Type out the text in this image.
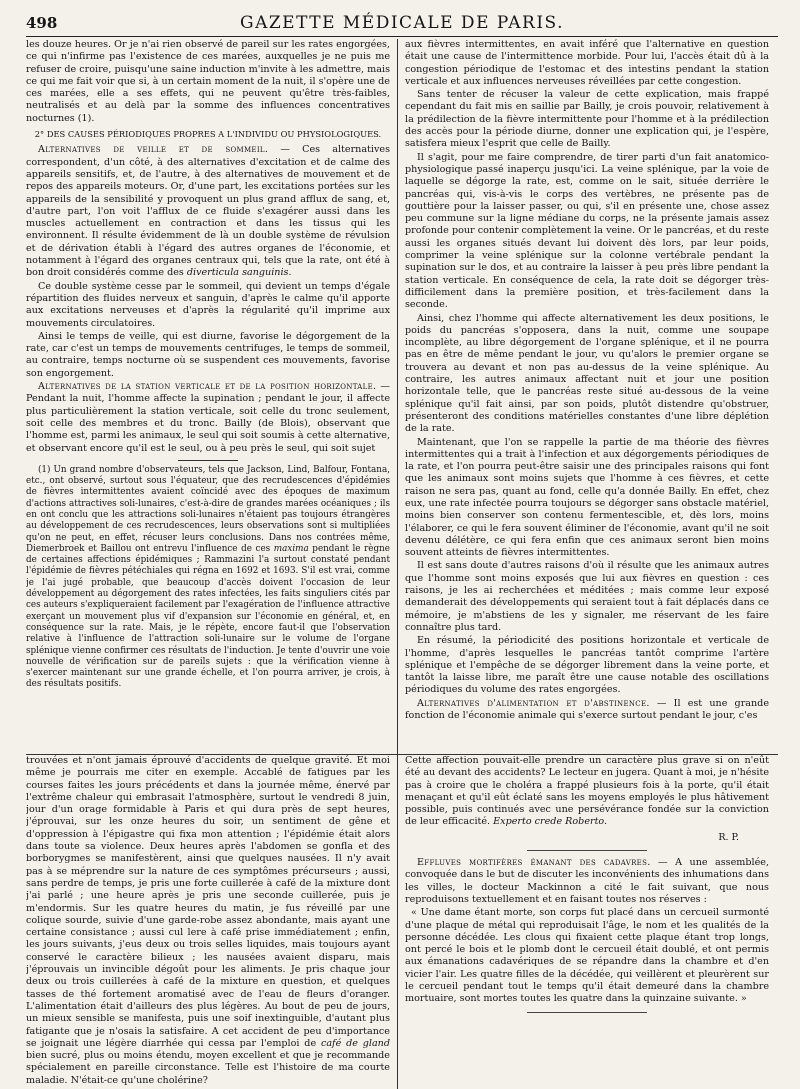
498	GAZETTE MÉDICALE DE PARIS.

les douze heures. Or je n'ai rien observé de pareil sur les rates engorgées, ce qui n'infirme pas l'existence de ces marées, auxquelles je ne puis me refuser de croire, puisqu'une saine induction m'invite à les admettre, mais ce qui me fait voir que si, à un certain moment de la nuit, il s'opère une de ces marées, elle a ses effets, qui ne peuvent qu'être très-faibles, neutralisés et au delà par la somme des influences concentratives nocturnes (1).

2° DES CAUSES PÉRIODIQUES PROPRES A L'INDIVIDU OU PHYSIOLOGIQUES.

Alternatives de veille et de sommeil. — Ces alternatives correspondent, d'un côté, à des alternatives d'excitation et de calme des appareils sensitifs, et, de l'autre, à des alternatives de mouvement et de repos des appareils moteurs. Or, d'une part, les excitations portées sur les appareils de la sensibilité y provoquent un plus grand afflux de sang, et, d'autre part, l'on voit l'afflux de ce fluide s'exagérer aussi dans les muscles actuellement en contraction et dans les tissus qui les environnent. Il résulte évidemment de là un double système de révulsion et de dérivation établi à l'égard des autres organes de l'économie, et notamment à l'égard des organes centraux qui, tels que la rate, ont été à bon droit considérés comme des diverticula sanguinis.

Ce double système cesse par le sommeil, qui devient un temps d'égale répartition des fluides nerveux et sanguin, d'après le calme qu'il apporte aux excitations nerveuses et d'après la régularité qu'il imprime aux mouvements circulatoires.

Ainsi le temps de veille, qui est diurne, favorise le dégorgement de la rate, car c'est un temps de mouvements centrifuges, le temps de sommeil, au contraire, temps nocturne où se suspendent ces mouvements, favorise son engorgement.

Alternatives de la station verticale et de la position horizontale. — Pendant la nuit, l'homme affecte la supination ; pendant le jour, il affecte plus particulièrement la station verticale, soit celle du tronc seulement, soit celle des membres et du tronc. Bailly (de Blois), observant que l'homme est, parmi les animaux, le seul qui soit soumis à cette alternative, et observant encore qu'il est le seul, ou à peu près le seul, qui soit sujet

(1) Un grand nombre d'observateurs, tels que Jackson, Lind, Balfour, Fontana, etc., ont observé, surtout sous l'équateur, que des recrudescences d'épidémies de fièvres intermittentes avaient coïncidé avec des époques de maximum d'actions attractives soli-lunaires, c'est-à-dire de grandes marées océaniques ; ils en ont conclu que les attractions soli-lunaires n'étaient pas toujours étrangères au développement de ces recrudescences, leurs observations sont si multipliées qu'on ne peut, en effet, récuser leurs conclusions. Dans nos contrées même, Diemerbroek et Baillou ont entrevu l'influence de ces maxima pendant le règne de certaines affections épidémiques ; Rammazini l'a surtout constaté pendant l'épidémie de fièvres pétéchiales qui régna en 1692 et 1693. S'il est vrai, comme je l'ai jugé probable, que beaucoup d'accès doivent l'occasion de leur développement au dégorgement des rates infectées, les faits singuliers cités par ces auteurs s'expliqueraient facilement par l'exagération de l'influence attractive exerçant un mouvement plus vif d'expansion sur l'économie en général, et, en conséquence sur la rate. Mais, je le répète, encore faut-il que l'observation relative à l'influence de l'attraction soli-lunaire sur le volume de l'organe splénique vienne confirmer ces résultats de l'induction. Je tente d'ouvrir une voie nouvelle de vérification sur de pareils sujets : que la vérification vienne à s'exercer maintenant sur une grande échelle, et l'on pourra arriver, je crois, à des résultats positifs.

aux fièvres intermittentes, en avait inféré que l'alternative en question était une cause de l'intermittence morbide. Pour lui, l'accès était dû à la congestion périodique de l'estomac et des intestins pendant la station verticale et aux influences nerveuses réveillées par cette congestion.

Sans tenter de récuser la valeur de cette explication, mais frappé cependant du fait mis en saillie par Bailly, je crois pouvoir, relativement à la prédilection de la fièvre intermittente pour l'homme et à la prédilection des accès pour la période diurne, donner une explication qui, je l'espère, satisfera mieux l'esprit que celle de Bailly.

Il s'agit, pour me faire comprendre, de tirer parti d'un fait anatomico-physiologique passé inaperçu jusqu'ici. La veine splénique, par la voie de laquelle se dégorge la rate, est, comme on le sait, située derrière le pancréas qui, vis-à-vis le corps des vertèbres, ne présente pas de gouttière pour la laisser passer, ou qui, s'il en présente une, chose assez peu commune sur la ligne médiane du corps, ne la présente jamais assez profonde pour contenir complètement la veine. Or le pancréas, et du reste aussi les organes situés devant lui doivent dès lors, par leur poids, comprimer la veine splénique sur la colonne vertébrale pendant la supination sur le dos, et au contraire la laisser à peu près libre pendant la station verticale. En conséquence de cela, la rate doit se dégorger très-difficilement dans la première position, et très-facilement dans la seconde.

Ainsi, chez l'homme qui affecte alternativement les deux positions, le poids du pancréas s'opposera, dans la nuit, comme une soupape incomplète, au libre dégorgement de l'organe splénique, et il ne pourra pas en être de même pendant le jour, vu qu'alors le premier organe se trouvera au devant et non pas au-dessus de la veine splénique. Au contraire, les autres animaux affectant nuit et jour une position horizontale telle, que le pancréas reste situé au-dessous de la veine splénique qu'il fait ainsi, par son poids, plutôt distendre qu'obstruer, présenteront des conditions matérielles constantes d'une libre déplétion de la rate.

Maintenant, que l'on se rappelle la partie de ma théorie des fièvres intermittentes qui a trait à l'infection et aux dégorgements périodiques de la rate, et l'on pourra peut-être saisir une des principales raisons qui font que les animaux sont moins sujets que l'homme à ces fièvres, et cette raison ne sera pas, quant au fond, celle qu'a donnée Bailly. En effet, chez eux, une rate infectée pourra toujours se dégorger sans obstacle matériel, moins bien conserver son contenu fermentescible, et, dès lors, moins l'élaborer, ce qui le fera souvent éliminer de l'économie, avant qu'il ne soit devenu délétère, ce qui fera enfin que ces animaux seront bien moins souvent atteints de fièvres intermittentes.

Il est sans doute d'autres raisons d'où il résulte que les animaux autres que l'homme sont moins exposés que lui aux fièvres en question : ces raisons, je les ai recherchées et méditées ; mais comme leur exposé demanderait des développements qui seraient tout à fait déplacés dans ce mémoire, je m'abstiens de les y signaler, me réservant de les faire connaître plus tard.

En résumé, la périodicité des positions horizontale et verticale de l'homme, d'après lesquelles le pancréas tantôt comprime l'artère splénique et l'empêche de se dégorger librement dans la veine porte, et tantôt la laisse libre, me paraît être une cause notable des oscillations périodiques du volume des rates engorgées.

Alternatives d'alimentation et d'abstinence. — Il est une grande fonction de l'économie animale qui s'exerce surtout pendant le jour, c'es

trouvées et n'ont jamais éprouvé d'accidents de quelque gravité. Et moi même je pourrais me citer en exemple. Accablé de fatigues par les courses faites les jours précédents et dans la journée même, énervé par l'extrême chaleur qui embrasait l'atmosphère, surtout le vendredi 8 juin, jour d'un orage formidable à Paris et qui dura près de sept heures, j'éprouvai, sur les onze heures du soir, un sentiment de gêne et d'oppression à l'épigastre qui fixa mon attention ; l'épidémie était alors dans toute sa violence. Deux heures après l'abdomen se gonfla et des borborygmes se manifestèrent, ainsi que quelques nausées. Il n'y avait pas à se méprendre sur la nature de ces symptômes précurseurs ; aussi, sans perdre de temps, je pris une forte cuillerée à café de la mixture dont j'ai parlé ; une heure après je pris une seconde cuillerée, puis je m'endormis. Sur les quatre heures du matin, je fus réveillé par une colique sourde, suivie d'une garde-robe assez abondante, mais ayant une certaine consistance ; aussi cul lere à café prise immédiatement ; enfin, les jours suivants, j'eus deux ou trois selles liquides, mais toujours ayant conservé le caractère bilieux ; les nausées avaient disparu, mais j'éprouvais un invincible dégoût pour les aliments. Je pris chaque jour deux ou trois cuillerées à café de la mixture en question, et quelques tasses de thé fortement aromatisé avec de l'eau de fleurs d'oranger. L'alimentation était d'ailleurs des plus légères. Au bout de peu de jours, un mieux sensible se manifesta, puis une soif inextinguible, d'autant plus fatigante que je n'osais la satisfaire. A cet accident de peu d'importance se joignait une légère diarrhée qui cessa par l'emploi de café de gland bien sucré, plus ou moins étendu, moyen excellent et que je recommande spécialement en pareille circonstance. Telle est l'histoire de ma courte maladie. N'était-ce qu'une cholérine?

Cette affection pouvait-elle prendre un caractère plus grave si on n'eût été au devant des accidents? Le lecteur en jugera. Quant à moi, je n'hésite pas à croire que le choléra a frappé plusieurs fois à la porte, qu'il était menaçant et qu'il eût éclaté sans les moyens employés le plus hâtivement possible, puis continués avec une persévérance fondée sur la conviction de leur efficacité. Experto crede Roberto.

R. P.

Effluves mortifères émanant des cadavres. — A une assemblée, convoquée dans le but de discuter les inconvénients des inhumations dans les villes, le docteur Mackinnon a cité le fait suivant, que nous reproduisons textuellement et en faisant toutes nos réserves :

« Une dame étant morte, son corps fut placé dans un cercueil surmonté d'une plaque de métal qui reproduisait l'âge, le nom et les qualités de la personne décédée. Les clous qui fixaient cette plaque étant trop longs, ont percé le bois et le plomb dont le cercueil était doublé, et ont permis aux émanations cadavériques de se répandre dans la chambre et d'en vicier l'air. Les quatre filles de la décédée, qui veillèrent et pleurèrent sur le cercueil pendant tout le temps qu'il était demeuré dans la chambre mortuaire, sont mortes toutes les quatre dans la quinzaine suivante. »
